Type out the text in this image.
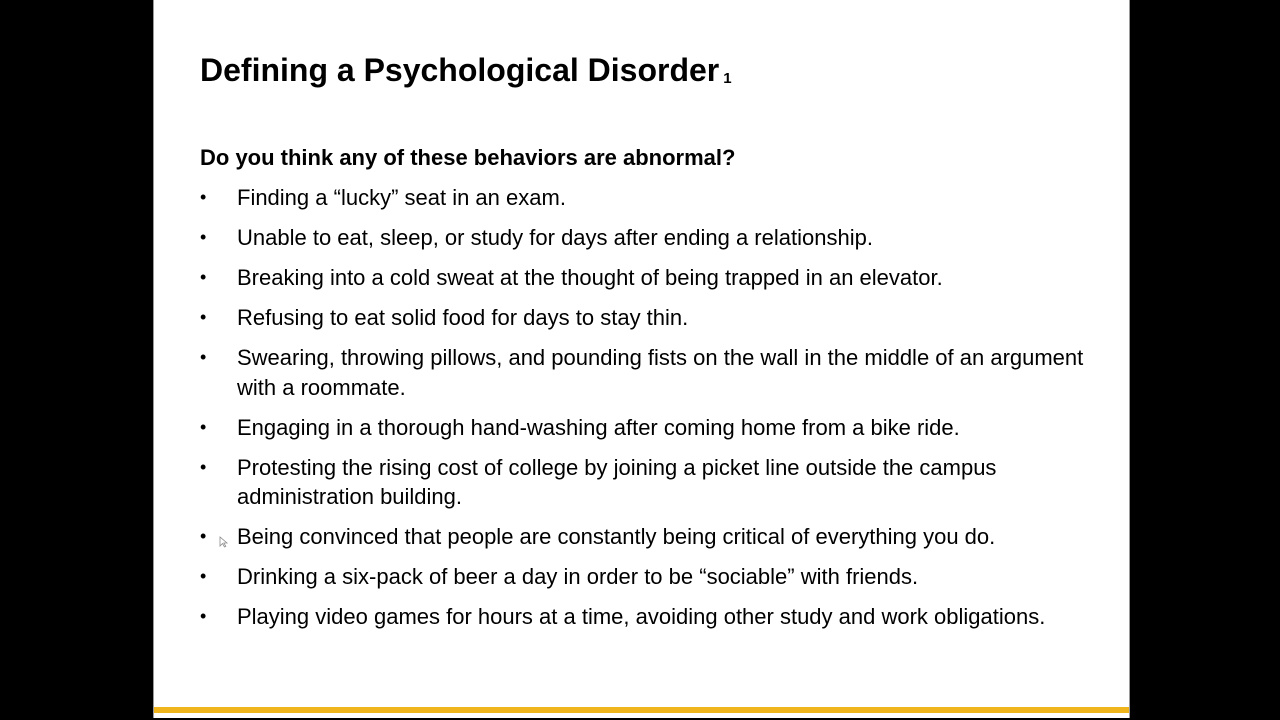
Defining a Psychological Disorder 1
Do you think any of these behaviors are abnormal?
• Finding a “lucky” seat in an exam.
• Unable to eat, sleep, or study for days after ending a relationship.
• Breaking into a cold sweat at the thought of being trapped in an elevator.
• Refusing to eat solid food for days to stay thin.
• Swearing, throwing pillows, and pounding fists on the wall in the middle of an argument with a roommate.
• Engaging in a thorough hand-washing after coming home from a bike ride.
• Protesting the rising cost of college by joining a picket line outside the campus administration building.
• Being convinced that people are constantly being critical of everything you do.
• Drinking a six-pack of beer a day in order to be “sociable” with friends.
• Playing video games for hours at a time, avoiding other study and work obligations.
